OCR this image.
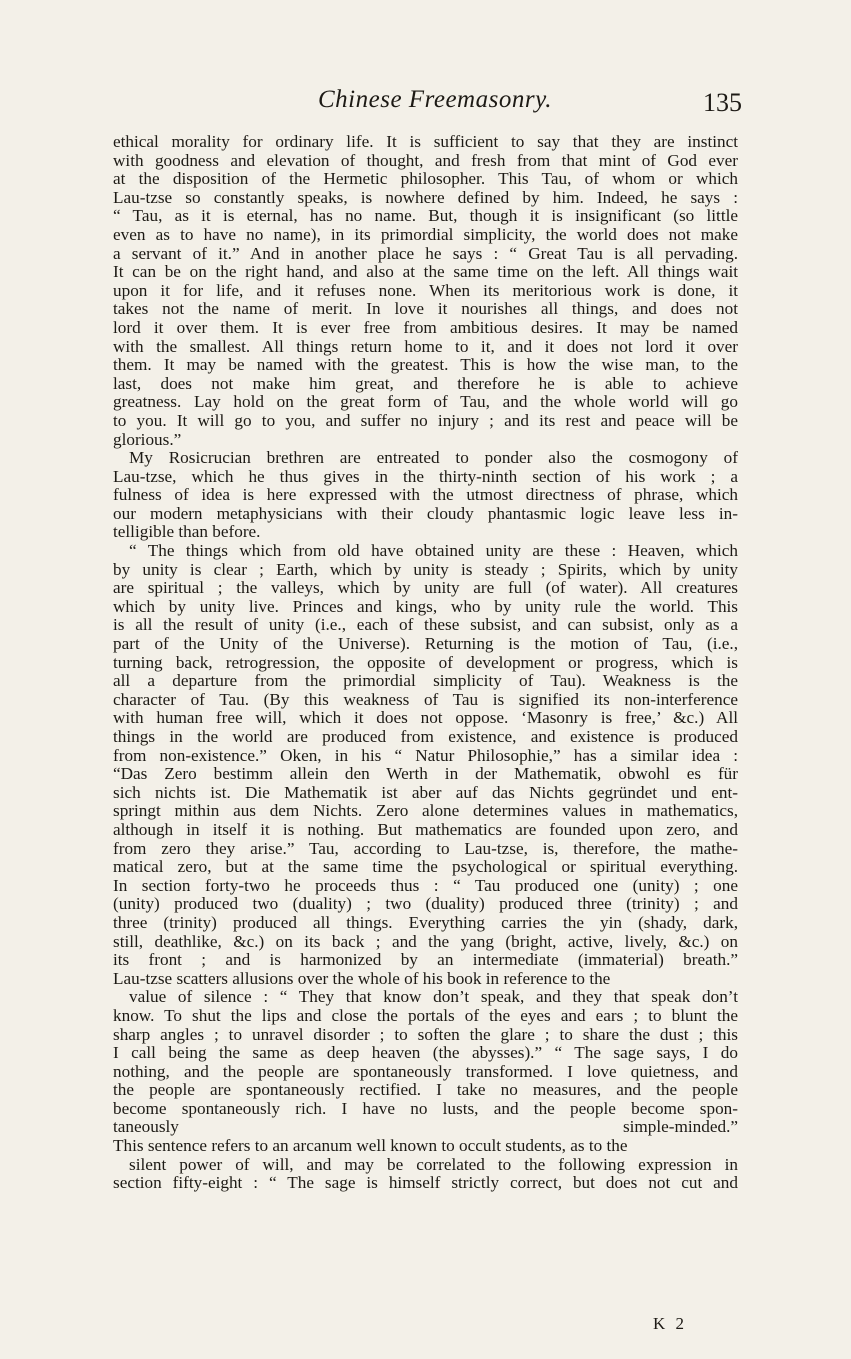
Chinese Freemasonry.	135
ethical morality for ordinary life. It is sufficient to say that they are instinct
with goodness and elevation of thought, and fresh from that mint of God ever
at the disposition of the Hermetic philosopher. This Tau, of whom or which
Lau-tzse so constantly speaks, is nowhere defined by him. Indeed, he says :
“ Tau, as it is eternal, has no name. But, though it is insignificant (so little
even as to have no name), in its primordial simplicity, the world does not make
a servant of it.” And in another place he says : “ Great Tau is all pervading.
It can be on the right hand, and also at the same time on the left. All things wait
upon it for life, and it refuses none. When its meritorious work is done, it
takes not the name of merit. In love it nourishes all things, and does not
lord it over them. It is ever free from ambitious desires. It may be named
with the smallest. All things return home to it, and it does not lord it over
them. It may be named with the greatest. This is how the wise man, to the
last, does not make him great, and therefore he is able to achieve
greatness. Lay hold on the great form of Tau, and the whole world will go
to you. It will go to you, and suffer no injury ; and its rest and peace will be
glorious.”
My Rosicrucian brethren are entreated to ponder also the cosmogony of
Lau-tzse, which he thus gives in the thirty-ninth section of his work ; a
fulness of idea is here expressed with the utmost directness of phrase, which
our modern metaphysicians with their cloudy phantasmic logic leave less in-
telligible than before.
“ The things which from old have obtained unity are these : Heaven, which
by unity is clear ; Earth, which by unity is steady ; Spirits, which by unity
are spiritual ; the valleys, which by unity are full (of water). All creatures
which by unity live. Princes and kings, who by unity rule the world. This
is all the result of unity (i.e., each of these subsist, and can subsist, only as a
part of the Unity of the Universe). Returning is the motion of Tau, (i.e.,
turning back, retrogression, the opposite of development or progress, which is
all a departure from the primordial simplicity of Tau). Weakness is the
character of Tau. (By this weakness of Tau is signified its non-interference
with human free will, which it does not oppose. ‘Masonry is free,’ &c.) All
things in the world are produced from existence, and existence is produced
from non-existence.” Oken, in his “ Natur Philosophie,” has a similar idea :
“Das Zero bestimm allein den Werth in der Mathematik, obwohl es für
sich nichts ist. Die Mathematik ist aber auf das Nichts gegründet und ent-
springt mithin aus dem Nichts. Zero alone determines values in mathematics,
although in itself it is nothing. But mathematics are founded upon zero, and
from zero they arise.” Tau, according to Lau-tzse, is, therefore, the mathe-
matical zero, but at the same time the psychological or spiritual everything.
In section forty-two he proceeds thus : “ Tau produced one (unity) ; one
(unity) produced two (duality) ; two (duality) produced three (trinity) ; and
three (trinity) produced all things. Everything carries the yin (shady, dark,
still, deathlike, &c.) on its back ; and the yang (bright, active, lively, &c.) on
its front ; and is harmonized by an intermediate (immaterial) breath.”
Lau-tzse scatters allusions over the whole of his book in reference to the
value of silence : “ They that know don’t speak, and they that speak don’t
know. To shut the lips and close the portals of the eyes and ears ; to blunt the
sharp angles ; to unravel disorder ; to soften the glare ; to share the dust ; this
I call being the same as deep heaven (the abysses).” “ The sage says, I do
nothing, and the people are spontaneously transformed. I love quietness, and
the people are spontaneously rectified. I take no measures, and the people
become spontaneously rich. I have no lusts, and the people become spon-
taneously simple-minded.”
This sentence refers to an arcanum well known to occult students, as to the
silent power of will, and may be correlated to the following expression in
section fifty-eight : “ The sage is himself strictly correct, but does not cut and
K 2
